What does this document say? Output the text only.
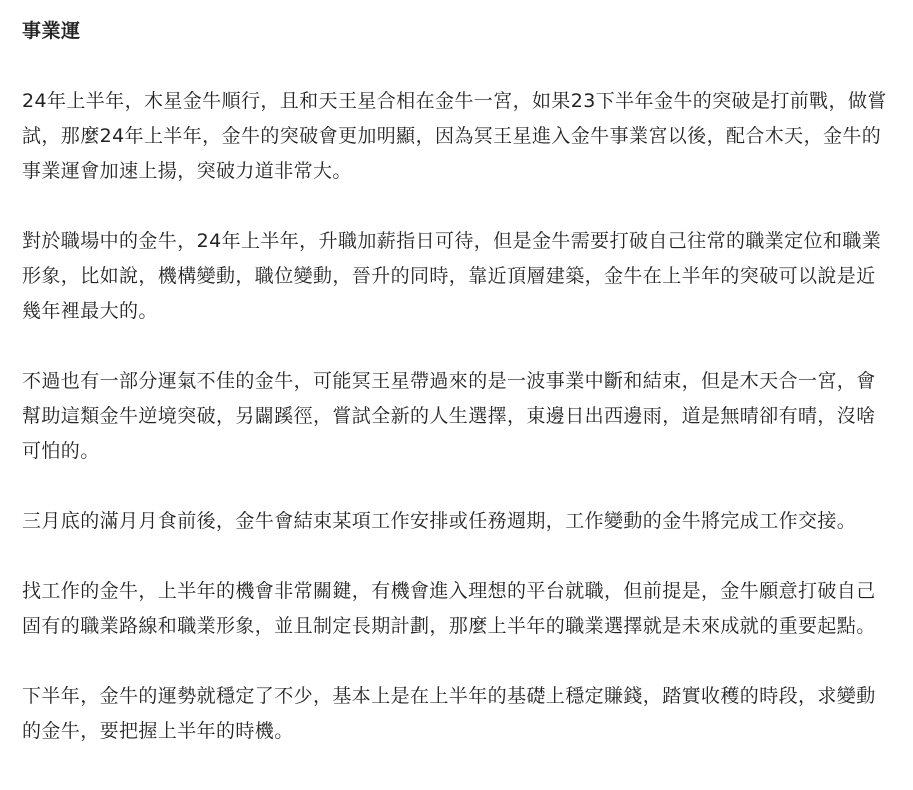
事業運

24年上半年，木星金牛順行，且和天王星合相在金牛一宮，如果23下半年金牛的突破是打前戰，做嘗試，那麼24年上半年，金牛的突破會更加明顯，因為冥王星進入金牛事業宮以後，配合木天，金牛的事業運會加速上揚，突破力道非常大。

對於職場中的金牛，24年上半年，升職加薪指日可待，但是金牛需要打破自己往常的職業定位和職業形象，比如說，機構變動，職位變動，晉升的同時，靠近頂層建築，金牛在上半年的突破可以說是近幾年裡最大的。

不過也有一部分運氣不佳的金牛，可能冥王星帶過來的是一波事業中斷和結束，但是木天合一宮，會幫助這類金牛逆境突破，另闢蹊徑，嘗試全新的人生選擇，東邊日出西邊雨，道是無晴卻有晴，沒啥可怕的。

三月底的滿月月食前後，金牛會結束某項工作安排或任務週期，工作變動的金牛將完成工作交接。

找工作的金牛，上半年的機會非常關鍵，有機會進入理想的平台就職，但前提是，金牛願意打破自己固有的職業路線和職業形象，並且制定長期計劃，那麼上半年的職業選擇就是未來成就的重要起點。

下半年，金牛的運勢就穩定了不少，基本上是在上半年的基礎上穩定賺錢，踏實收穫的時段，求變動的金牛，要把握上半年的時機。
